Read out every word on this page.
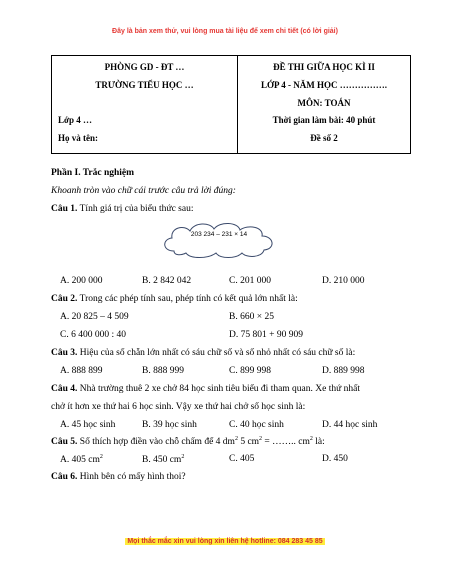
Đây là bản xem thử, vui lòng mua tài liệu để xem chi tiết (có lời giải)
PHÒNG GD - ĐT …
TRƯỜNG TIỂU HỌC …
Lớp 4 …
Họ và tên:

ĐỀ THI GIỮA HỌC KÌ II
LỚP 4 - NĂM HỌC …………….
MÔN: TOÁN
Thời gian làm bài: 40 phút
Đề số 2
Phần I. Trắc nghiệm
Khoanh tròn vào chữ cái trước câu trả lời đúng:
Câu 1. Tính giá trị của biểu thức sau:
203 234 – 231 × 14
A. 200 000	B. 2 842 042	C. 201 000	D. 210 000
Câu 2. Trong các phép tính sau, phép tính có kết quả lớn nhất là:
A. 20 825 – 4 509	B. 660 × 25
C. 6 400 000 : 40	D. 75 801 + 90 909
Câu 3. Hiệu của số chẵn lớn nhất có sáu chữ số và số nhỏ nhất có sáu chữ số là:
A. 888 899	B. 888 999	C. 899 998	D. 889 998
Câu 4. Nhà trường thuê 2 xe chở 84 học sinh tiêu biểu đi tham quan. Xe thứ nhất
chở ít hơn xe thứ hai 6 học sinh. Vậy xe thứ hai chở số học sinh là:
A. 45 học sinh	B. 39 học sinh	C. 40 học sinh	D. 44 học sinh
Câu 5. Số thích hợp điền vào chỗ chấm để 4 $dm^2$ 5 $cm^2$ = …….. $cm^2$ là:
A. 405 $cm^2$	B. 450 $cm^2$	C. 405	D. 450
Câu 6. Hình bên có mấy hình thoi?
Mọi thắc mắc xin vui lòng xin liên hệ hotline: 084 283 45 85
